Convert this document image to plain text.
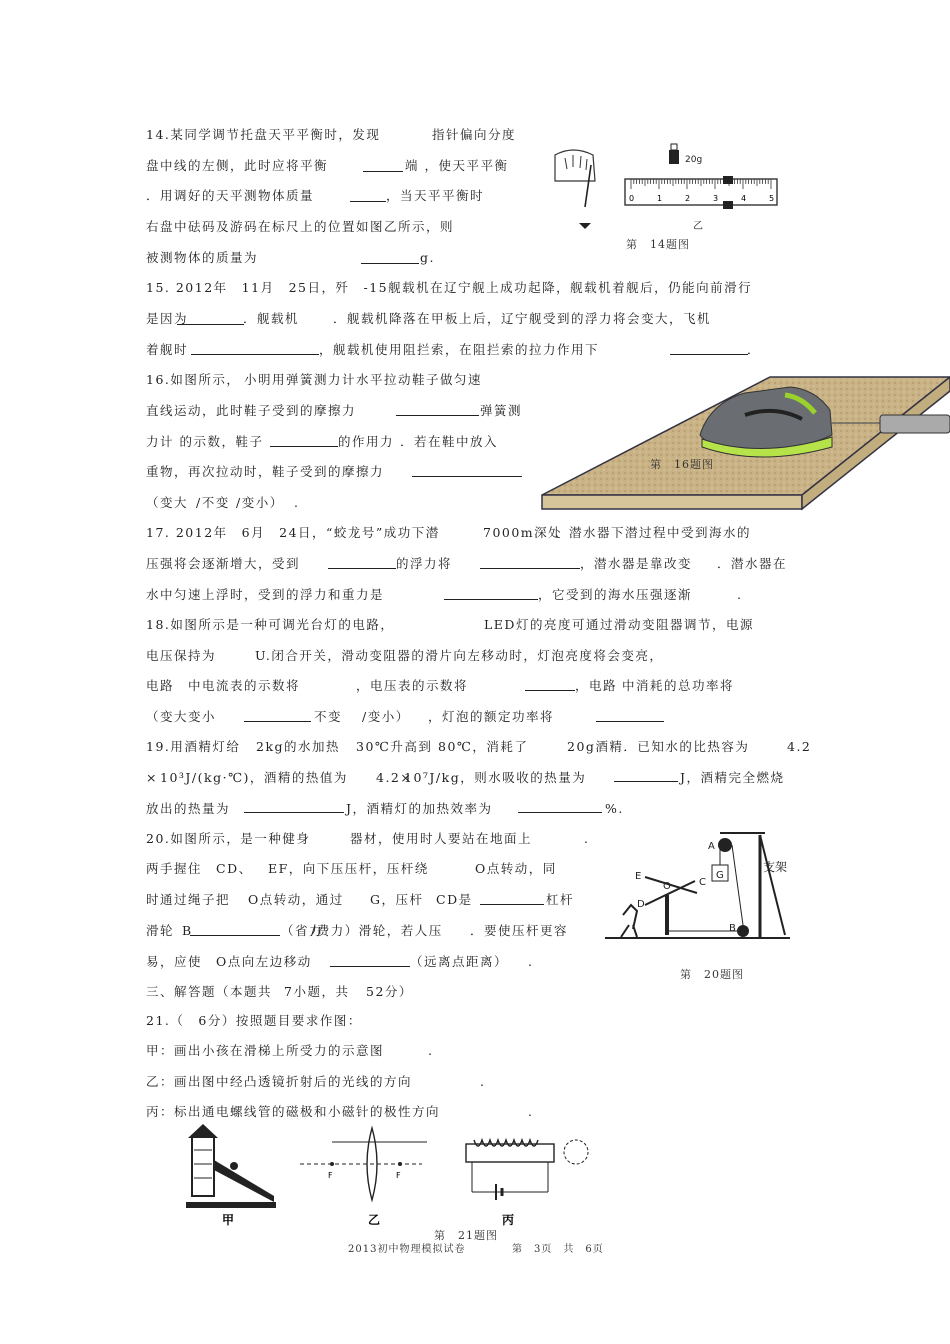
14.某同学调节托盘天平平衡时，发现	指针偏向分度
盘中线的左侧，此时应将平衡	端 ，使天平平衡
．用调好的天平测物体质量	，当天平平衡时
右盘中砝码及游码在标尺上的位置如图乙所示，则
被测物体的质量为	g.
15. 2012年　11月　25日，歼　-15舰载机在辽宁舰上成功起降，舰载机着舰后，仍能向前滑行
是因为	．舰载机	．舰载机降落在甲板上后，辽宁舰受到的浮力将会变大，飞机
着舰时	，舰载机使用阻拦索，在阻拦索的拉力作用下	．
16.如图所示， 小明用弹簧测力计水平拉动鞋子做匀速
直线运动，此时鞋子受到的摩擦力	弹簧测
力计 的示数，鞋子	的作用力 ．若在鞋中放入
重物，再次拉动时，鞋子受到的摩擦力
（变大 /不变 /变小） .
17. 2012年　6月　24日，“蛟龙号”成功下潜	7000m深处
．潜水器下潜过程中受到海水的
压强将会逐渐增大，受到	的浮力将	，潜水器是靠改变 ．潜水器在
水中匀速上浮时，受到的浮力和重力是	，它受到的海水压强逐渐	.
18.如图所示是一种可调光台灯的电路，	LED灯的亮度可通过滑动变阻器调节，电源
电压保持为	U.闭合开关，滑动变阻器的滑片向左移动时，灯泡亮度将会变亮，
电路　中电流表的示数将	，电压表的示数将	，电路 中消耗的总功率将
（变大变小	不变 /变小） ，灯泡的额定功率将
19.用酒精灯给 2kg的水加热 30℃升高到 80℃，消耗了	20g酒精．已知水的比热容为	4.2
× 10³J/(kg·℃)，酒精的热值为 4.2×
10⁷J/kg，则水吸收的热量为	J，酒精完全燃烧
放出的热量为	J，酒精灯的加热效率为	%.
20.如图所示，是一种健身	器材，使用时人要站在地面上	.
两手握住 CD、 EF，向下压压杆，压杆绕	O点转动，同
时通过绳子把 O点转动，通过 G，压杆 CD是	杠杆
滑轮 B	（省力
/费力）滑轮，若人压 ．要使压杆更容
易，应使 O点向左边移动	（远离点距离） .
三、解答题（本题共 7小题，共 52分）
21.（　6分）按照题目要求作图：
甲：画出小孩在滑梯上所受力的示意图	.
乙：画出图中经凸透镜折射后的光线的方向	.
丙：标出通电螺线管的磁极和小磁针的极性方向	.
0	1	2	3	4	5
20g
乙
第　14题图
第　16题图
A
G
E
O	C
D
B
支架
第　20题图
甲
F	F
乙	丙
第　21题图
2013初中物理模拟试卷	第　3页　共　6页
